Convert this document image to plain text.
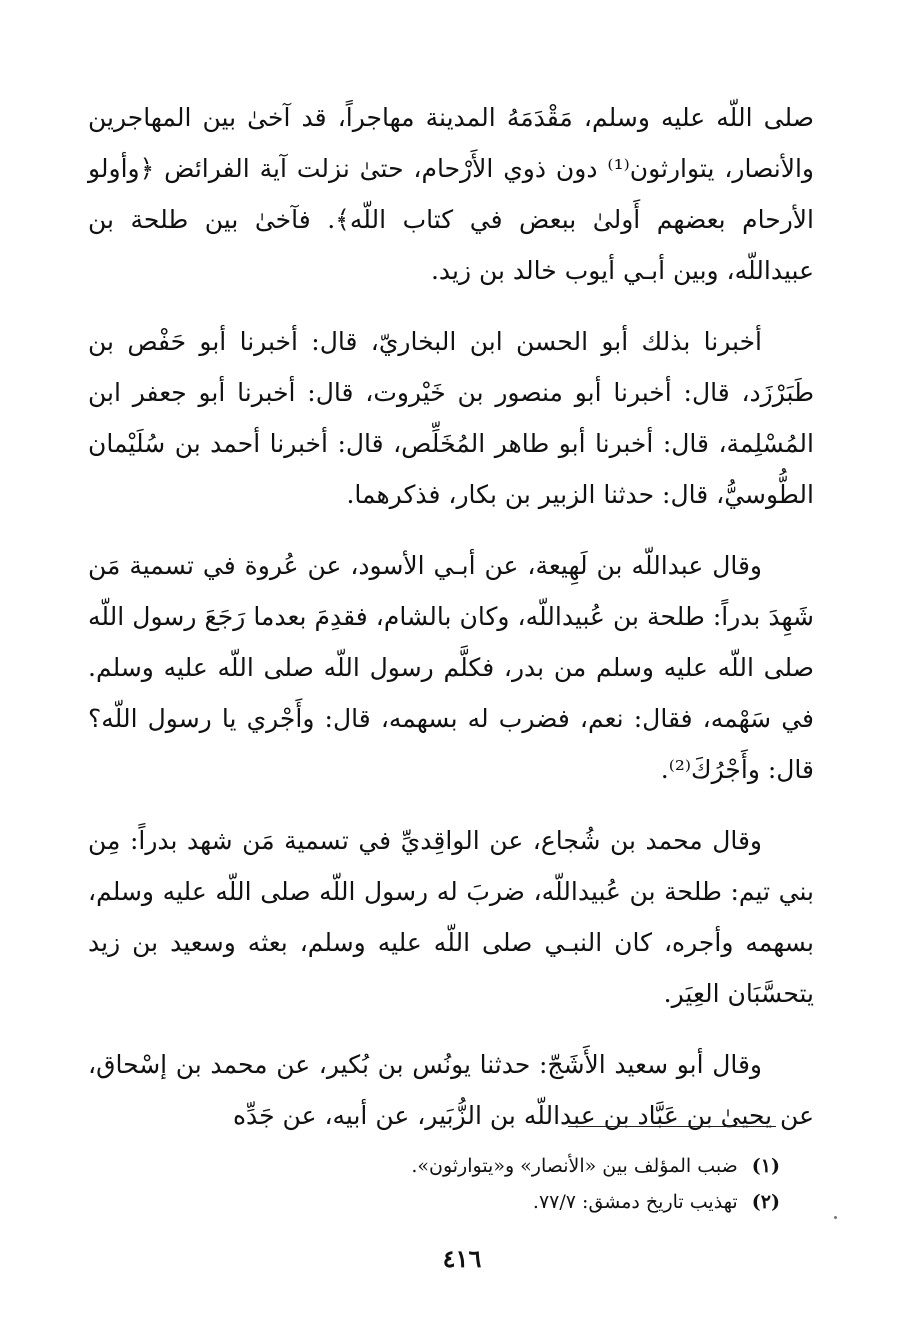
صلى اللّه عليه وسلم، مَقْدَمَهُ المدينة مهاجراً، قد آخىٰ بين المهاجرين والأنصار، يتوارثون⁽¹⁾ دون ذوي الأَرْحام، حتىٰ نزلت آية الفرائض ﴿وأولو الأرحام بعضهم أَولىٰ ببعض في كتاب اللّه﴾. فآخىٰ بين طلحة بن عبيداللّه، وبين أبـي أيوب خالد بن زيد.

أخبرنا بذلك أبو الحسن ابن البخاريّ، قال: أخبرنا أبو حَفْص بن طَبَرْزَد، قال: أخبرنا أبو منصور بن خَيْروت، قال: أخبرنا أبو جعفر ابن المُسْلِمة، قال: أخبرنا أبو طاهر المُخَلِّص، قال: أخبرنا أحمد بن سُلَيْمان الطُّوسيُّ، قال: حدثنا الزبير بن بكار، فذكرهما.

وقال عبداللّه بن لَهِيعة، عن أبـي الأسود، عن عُروة في تسمية مَن شَهِدَ بدراً: طلحة بن عُبيداللّه، وكان بالشام، فقدِمَ بعدما رَجَعَ رسول اللّه صلى اللّه عليه وسلم من بدر، فكلَّم رسول اللّه صلى اللّه عليه وسلم. في سَهْمه، فقال: نعم، فضرب له بسهمه، قال: وأَجْري يا رسول اللّه؟ قال: وأَجْرُكَ⁽²⁾.

وقال محمد بن شُجاع، عن الواقِديِّ في تسمية مَن شهد بدراً: مِن بني تيم: طلحة بن عُبيداللّه، ضربَ له رسول اللّه صلى اللّه عليه وسلم، بسهمه وأجره، كان النبـي صلى اللّه عليه وسلم، بعثه وسعيد بن زيد يتحسَّبَان العِيَر.

وقال أبو سعيد الأَشَجّ: حدثنا يونُس بن بُكير، عن محمد بن إسْحاق، عن يحيىٰ بن عَبَّاد بن عبداللّه بن الزُّبَير، عن أبيه، عن جَدِّه

(١) ضبب المؤلف بين «الأنصار» و«يتوارثون».

(٢) تهذيب تاريخ دمشق: ٧٧/٧.

٤١٦
